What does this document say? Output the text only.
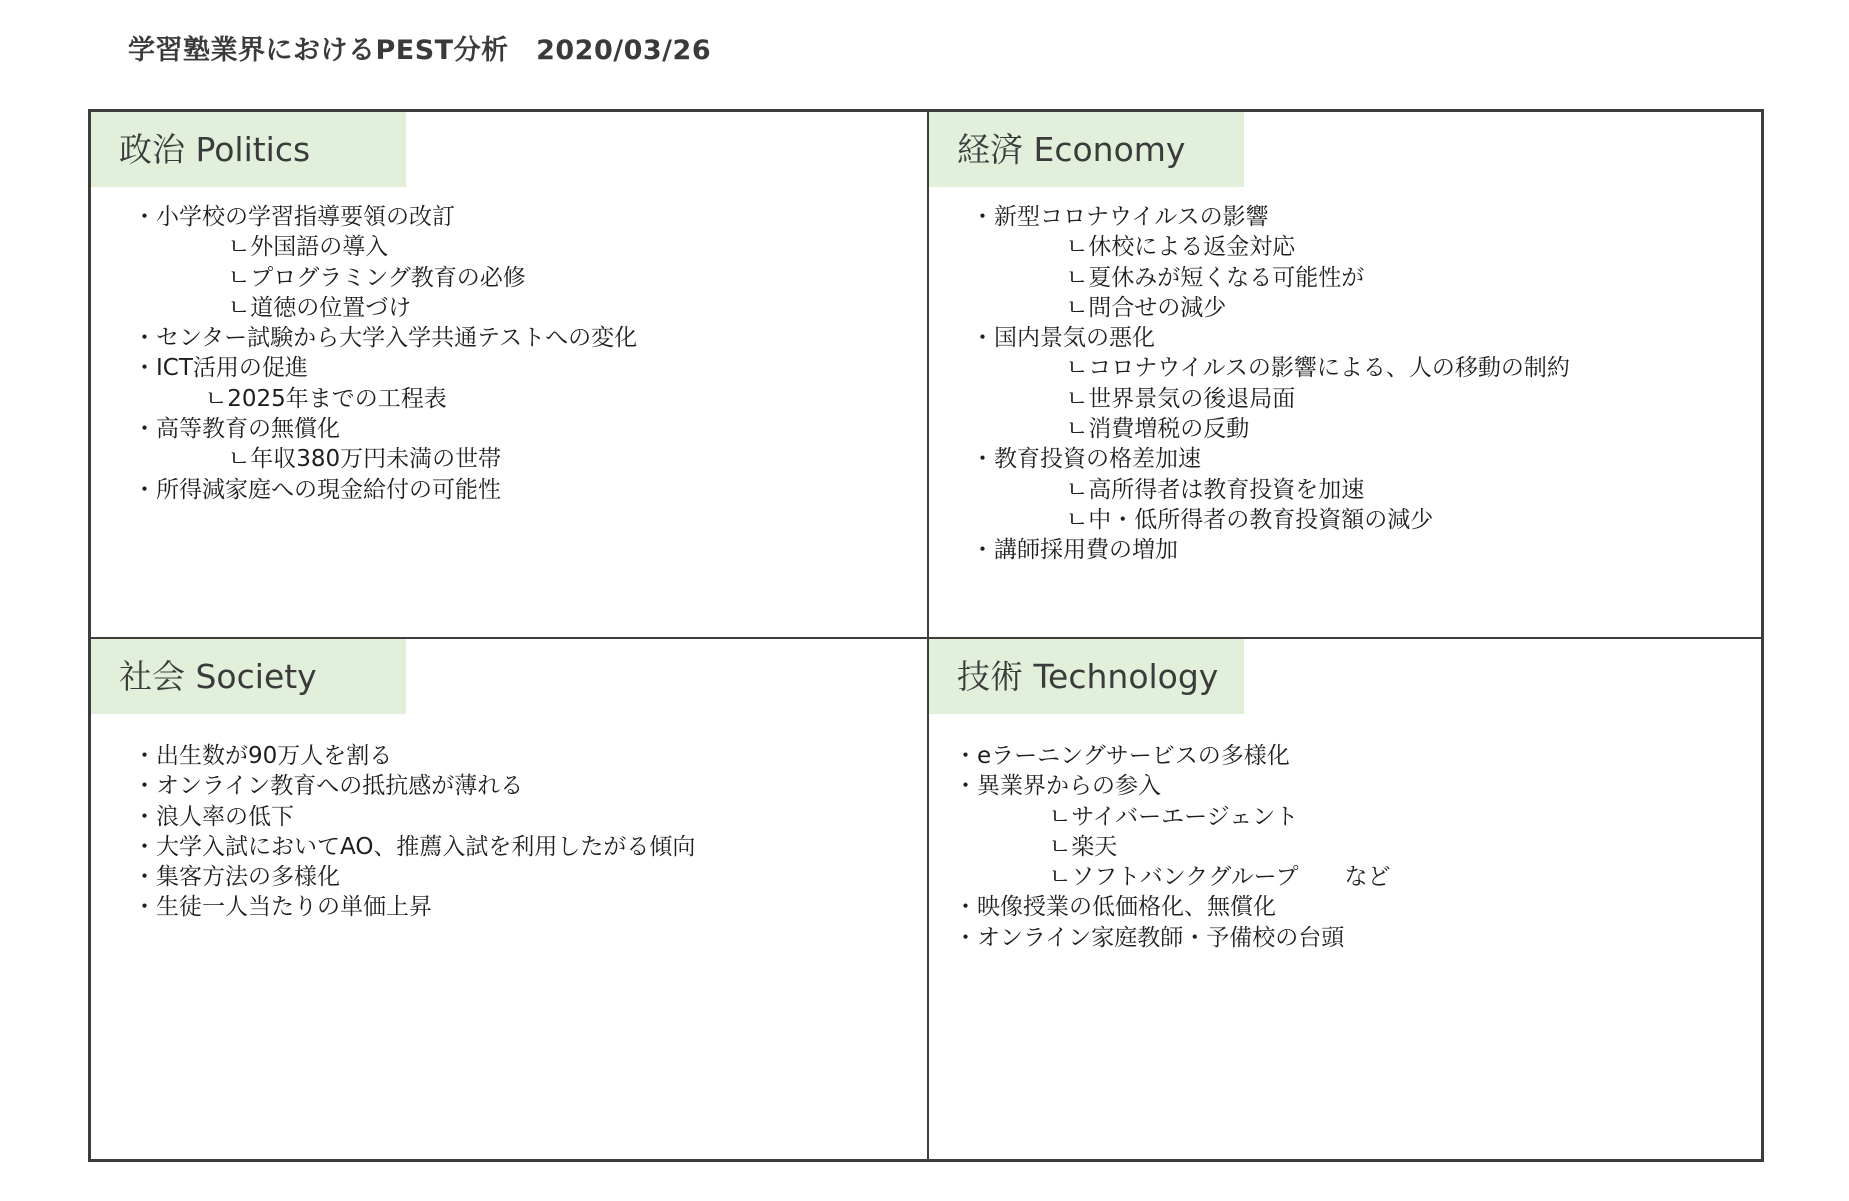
学習塾業界におけるPEST分析　2020/03/26
政治 Politics
・小学校の学習指導要領の改訂
ㄴ外国語の導入
ㄴプログラミング教育の必修
ㄴ道徳の位置づけ
・センター試験から大学入学共通テストへの変化
・ICT活用の促進
ㄴ2025年までの工程表
・高等教育の無償化
ㄴ年収380万円未満の世帯
・所得減家庭への現金給付の可能性
経済 Economy
・新型コロナウイルスの影響
ㄴ休校による返金対応
ㄴ夏休みが短くなる可能性が
ㄴ問合せの減少
・国内景気の悪化
ㄴコロナウイルスの影響による、人の移動の制約
ㄴ世界景気の後退局面
ㄴ消費増税の反動
・教育投資の格差加速
ㄴ高所得者は教育投資を加速
ㄴ中・低所得者の教育投資額の減少
・講師採用費の増加
社会 Society
・出生数が90万人を割る
・オンライン教育への抵抗感が薄れる
・浪人率の低下
・大学入試においてAO、推薦入試を利用したがる傾向
・集客方法の多様化
・生徒一人当たりの単価上昇
技術 Technology
・eラーニングサービスの多様化
・異業界からの参入
ㄴサイバーエージェント
ㄴ楽天
ㄴソフトバンクグループ　　など
・映像授業の低価格化、無償化
・オンライン家庭教師・予備校の台頭
